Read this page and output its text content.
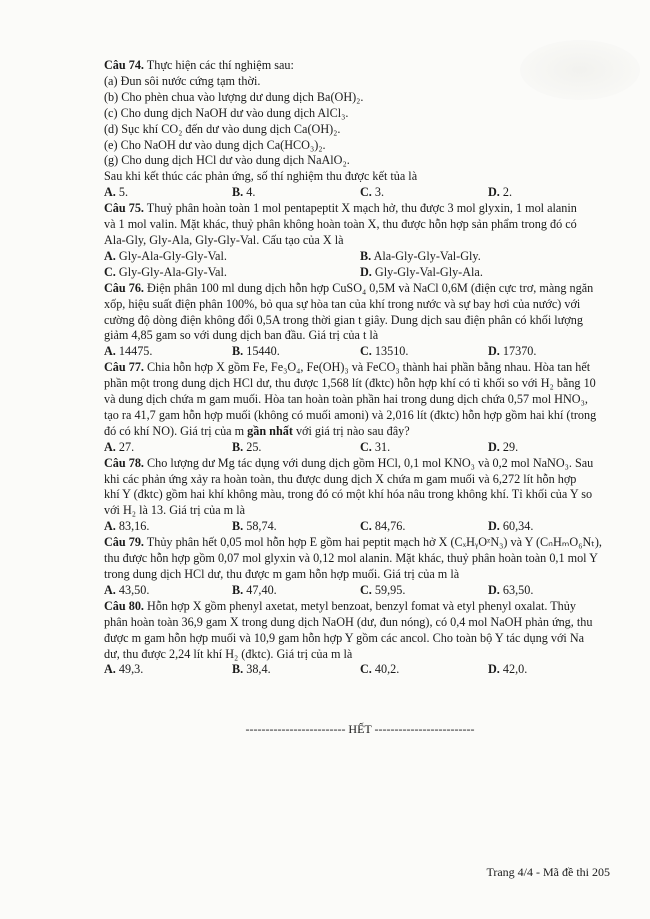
Câu 74. Thực hiện các thí nghiệm sau:
(a) Đun sôi nước cứng tạm thời.
(b) Cho phèn chua vào lượng dư dung dịch Ba(OH)₂.
(c) Cho dung dịch NaOH dư vào dung dịch AlCl₃.
(d) Sục khí CO₂ đến dư vào dung dịch Ca(OH)₂.
(e) Cho NaOH dư vào dung dịch Ca(HCO₃)₂.
(g) Cho dung dịch HCl dư vào dung dịch NaAlO₂.
Sau khi kết thúc các phản ứng, số thí nghiệm thu được kết tủa là
A. 5.	B. 4.	C. 3.	D. 2.
Câu 75. Thuỷ phân hoàn toàn 1 mol pentapeptit X mạch hở, thu được 3 mol glyxin, 1 mol alanin
và 1 mol valin. Mặt khác, thuỷ phân không hoàn toàn X, thu được hỗn hợp sản phẩm trong đó có
Ala-Gly, Gly-Ala, Gly-Gly-Val. Cấu tạo của X là
A. Gly-Ala-Gly-Gly-Val.	B. Ala-Gly-Gly-Val-Gly.
C. Gly-Gly-Ala-Gly-Val.	D. Gly-Gly-Val-Gly-Ala.
Câu 76. Điện phân 100 ml dung dịch hỗn hợp CuSO₄ 0,5M và NaCl 0,6M (điện cực trơ, màng ngăn
xốp, hiệu suất điện phân 100%, bỏ qua sự hòa tan của khí trong nước và sự bay hơi của nước) với
cường độ dòng điện không đổi 0,5A trong thời gian t giây. Dung dịch sau điện phân có khối lượng
giảm 4,85 gam so với dung dịch ban đầu. Giá trị của t là
A. 14475.	B. 15440.	C. 13510.	D. 17370.
Câu 77. Chia hỗn hợp X gồm Fe, Fe₃O₄, Fe(OH)₃ và FeCO₃ thành hai phần bằng nhau. Hòa tan hết
phần một trong dung dịch HCl dư, thu được 1,568 lít (đktc) hỗn hợp khí có tỉ khối so với H₂ bằng 10
và dung dịch chứa m gam muối. Hòa tan hoàn toàn phần hai trong dung dịch chứa 0,57 mol HNO₃,
tạo ra 41,7 gam hỗn hợp muối (không có muối amoni) và 2,016 lít (đktc) hỗn hợp gồm hai khí (trong
đó có khí NO). Giá trị của m gần nhất với giá trị nào sau đây?
A. 27.	B. 25.	C. 31.	D. 29.
Câu 78. Cho lượng dư Mg tác dụng với dung dịch gồm HCl, 0,1 mol KNO₃ và 0,2 mol NaNO₃. Sau
khi các phản ứng xảy ra hoàn toàn, thu được dung dịch X chứa m gam muối và 6,272 lít hỗn hợp
khí Y (đktc) gồm hai khí không màu, trong đó có một khí hóa nâu trong không khí. Tỉ khối của Y so
với H₂ là 13. Giá trị của m là
A. 83,16.	B. 58,74.	C. 84,76.	D. 60,34.
Câu 79. Thủy phân hết 0,05 mol hỗn hợp E gồm hai peptit mạch hở X (CₓHᵧOᶻN₃) và Y (CₙHₘO₆Nₜ),
thu được hỗn hợp gồm 0,07 mol glyxin và 0,12 mol alanin. Mặt khác, thuỷ phân hoàn toàn 0,1 mol Y
trong dung dịch HCl dư, thu được m gam hỗn hợp muối. Giá trị của m là
A. 43,50.	B. 47,40.	C. 59,95.	D. 63,50.
Câu 80. Hỗn hợp X gồm phenyl axetat, metyl benzoat, benzyl fomat và etyl phenyl oxalat. Thủy
phân hoàn toàn 36,9 gam X trong dung dịch NaOH (dư, đun nóng), có 0,4 mol NaOH phản ứng, thu
được m gam hỗn hợp muối và 10,9 gam hỗn hợp Y gồm các ancol. Cho toàn bộ Y tác dụng với Na
dư, thu được 2,24 lít khí H₂ (đktc). Giá trị của m là
A. 49,3.	B. 38,4.	C. 40,2.	D. 42,0.
------------------------- HẾT -------------------------
Trang 4/4 - Mã đề thi 205
